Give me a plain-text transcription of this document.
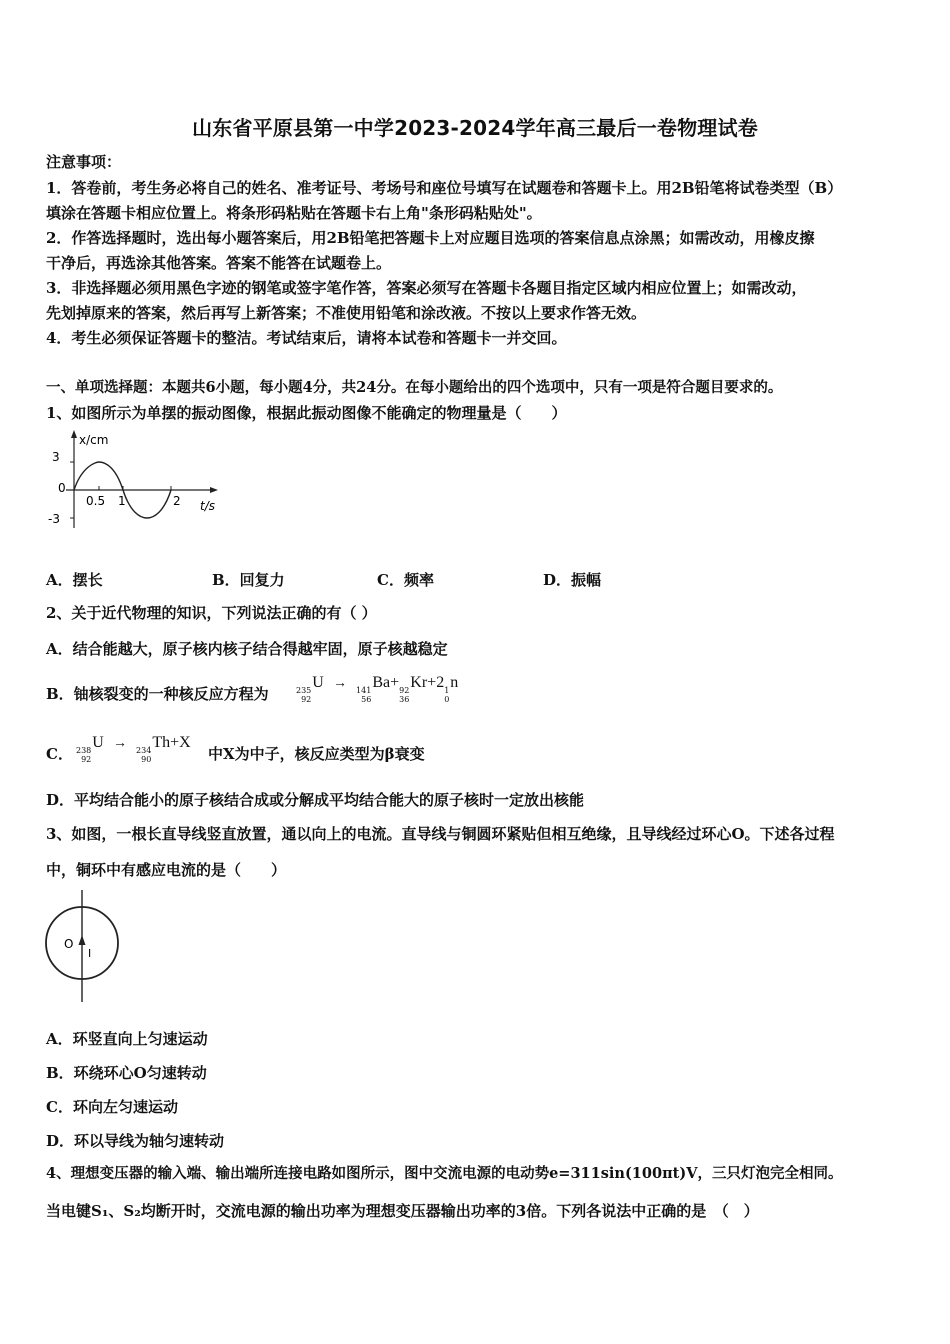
山东省平原县第一中学2023-2024学年高三最后一卷物理试卷
注意事项：
1．答卷前，考生务必将自己的姓名、准考证号、考场号和座位号填写在试题卷和答题卡上。用2B铅笔将试卷类型（B）
填涂在答题卡相应位置上。将条形码粘贴在答题卡右上角"条形码粘贴处"。
2．作答选择题时，选出每小题答案后，用2B铅笔把答题卡上对应题目选项的答案信息点涂黑；如需改动，用橡皮擦
干净后，再选涂其他答案。答案不能答在试题卷上。
3．非选择题必须用黑色字迹的钢笔或签字笔作答，答案必须写在答题卡各题目指定区域内相应位置上；如需改动，
先划掉原来的答案，然后再写上新答案；不准使用铅笔和涂改液。不按以上要求作答无效。
4．考生必须保证答题卡的整洁。考试结束后，请将本试卷和答题卡一并交回。
一、单项选择题：本题共6小题，每小题4分，共24分。在每小题给出的四个选项中，只有一项是符合题目要求的。
1、如图所示为单摆的振动图像，根据此振动图像不能确定的物理量是（　　）
x/cm
3
-3
0
0.5 1	2 t/s
A．摆长	B．回复力	C．频率	D．振幅
2、关于近代物理的知识，下列说法正确的有（ ）
A．结合能越大，原子核内核子结合得越牢固，原子核越稳定
B．铀核裂变的一种核反应方程为	235
92
U → 141
56
Ba+ 92
36
Kr+2 1
0
n
C． 238
92
U → 234
90
Th+X
中X为中子，核反应类型为β衰变
D．平均结合能小的原子核结合成或分解成平均结合能大的原子核时一定放出核能
3、如图，一根长直导线竖直放置，通以向上的电流。直导线与铜圆环紧贴但相互绝缘，且导线经过环心O。下述各过程
中，铜环中有感应电流的是（　　）
O
I
A．环竖直向上匀速运动
B．环绕环心O匀速转动
C．环向左匀速运动
D．环以导线为轴匀速转动
4、理想变压器的输入端、输出端所连接电路如图所示，图中交流电源的电动势e=311sin(100πt)V，三只灯泡完全相同。
当电键S₁、S₂均断开时，交流电源的输出功率为理想变压器输出功率的3倍。下列各说法中正确的是　（　）
